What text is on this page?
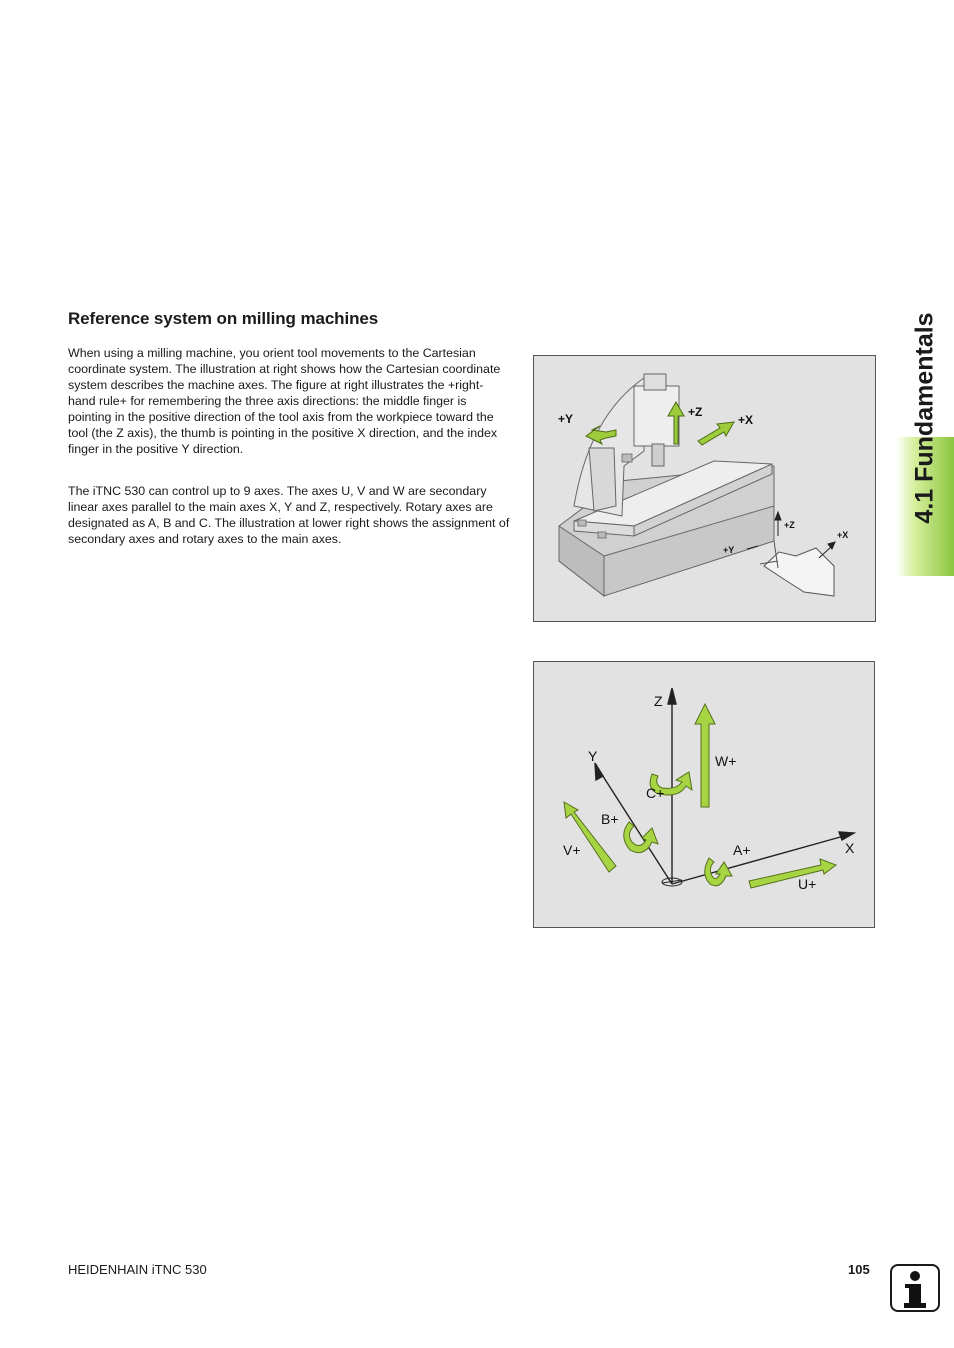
Reference system on milling machines
When using a milling machine, you orient tool movements to the Cartesian coordinate system. The illustration at right shows how the Cartesian coordinate system describes the machine axes. The figure at right illustrates the +right-hand rule+ for remembering the three axis directions: the middle finger is pointing in the positive direction of the tool axis from the workpiece toward the tool (the Z axis), the thumb is pointing in the positive X direction, and the index finger in the positive Y direction.
The iTNC 530 can control up to 9 axes. The axes U, V and W are secondary linear axes parallel to the main axes X, Y and Z, respectively. Rotary axes are designated as A, B and C. The illustration at lower right shows the assignment of secondary axes and rotary axes to the main axes.
+Y	+Z
+X
+Z
+X
+Y
Z
Y
X
W+
C+
B+
V+	A+
U+
4.1 Fundamentals
HEIDENHAIN iTNC 530	105
